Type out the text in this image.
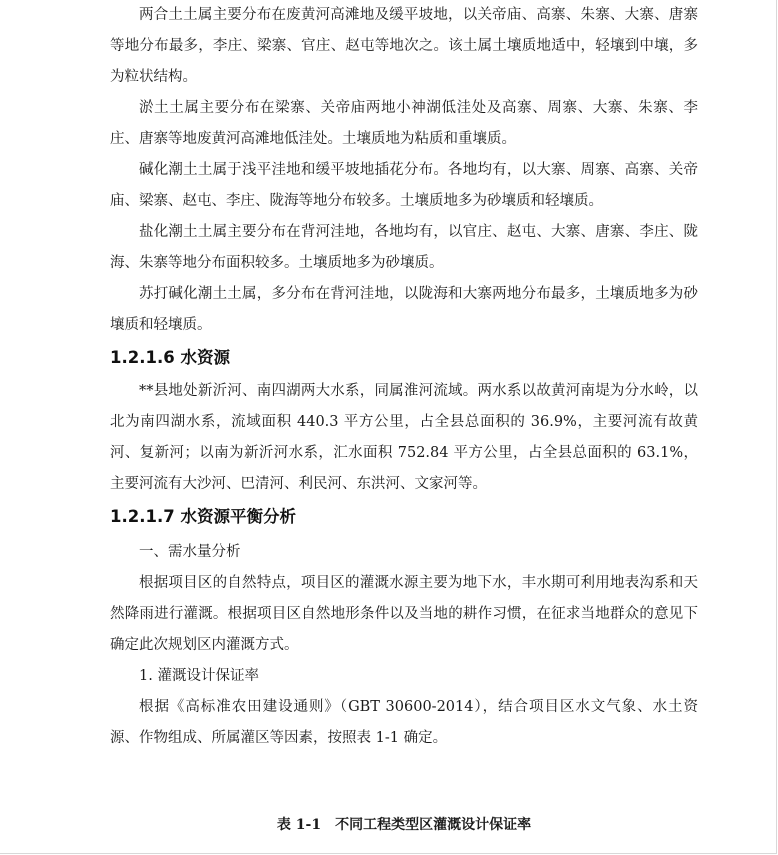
两合土土属主要分布在废黄河高滩地及缓平坡地，以关帝庙、高寨、朱寨、大寨、唐寨等地分布最多，李庄、梁寨、官庄、赵屯等地次之。该土属土壤质地适中，轻壤到中壤，多为粒状结构。
淤土土属主要分布在梁寨、关帝庙两地小神湖低洼处及高寨、周寨、大寨、朱寨、李庄、唐寨等地废黄河高滩地低洼处。土壤质地为粘质和重壤质。
碱化潮土土属于浅平洼地和缓平坡地插花分布。各地均有，以大寨、周寨、高寨、关帝庙、梁寨、赵屯、李庄、陇海等地分布较多。土壤质地多为砂壤质和轻壤质。
盐化潮土土属主要分布在背河洼地，各地均有，以官庄、赵屯、大寨、唐寨、李庄、陇海、朱寨等地分布面积较多。土壤质地多为砂壤质。
苏打碱化潮土土属，多分布在背河洼地，以陇海和大寨两地分布最多，土壤质地多为砂壤质和轻壤质。
1.2.1.6 水资源
**县地处新沂河、南四湖两大水系，同属淮河流域。两水系以故黄河南堤为分水岭，以北为南四湖水系，流域面积 440.3 平方公里，占全县总面积的 36.9%，主要河流有故黄河、复新河；以南为新沂河水系，汇水面积 752.84 平方公里，占全县总面积的 63.1%，主要河流有大沙河、巴清河、利民河、东洪河、文家河等。
1.2.1.7 水资源平衡分析
一、需水量分析
根据项目区的自然特点，项目区的灌溉水源主要为地下水，丰水期可利用地表沟系和天然降雨进行灌溉。根据项目区自然地形条件以及当地的耕作习惯，在征求当地群众的意见下确定此次规划区内灌溉方式。
1. 灌溉设计保证率
根据《高标准农田建设通则》（GBT 30600-2014），结合项目区水文气象、水土资源、作物组成、所属灌区等因素，按照表 1-1 确定。
表 1-1 不同工程类型区灌溉设计保证率
